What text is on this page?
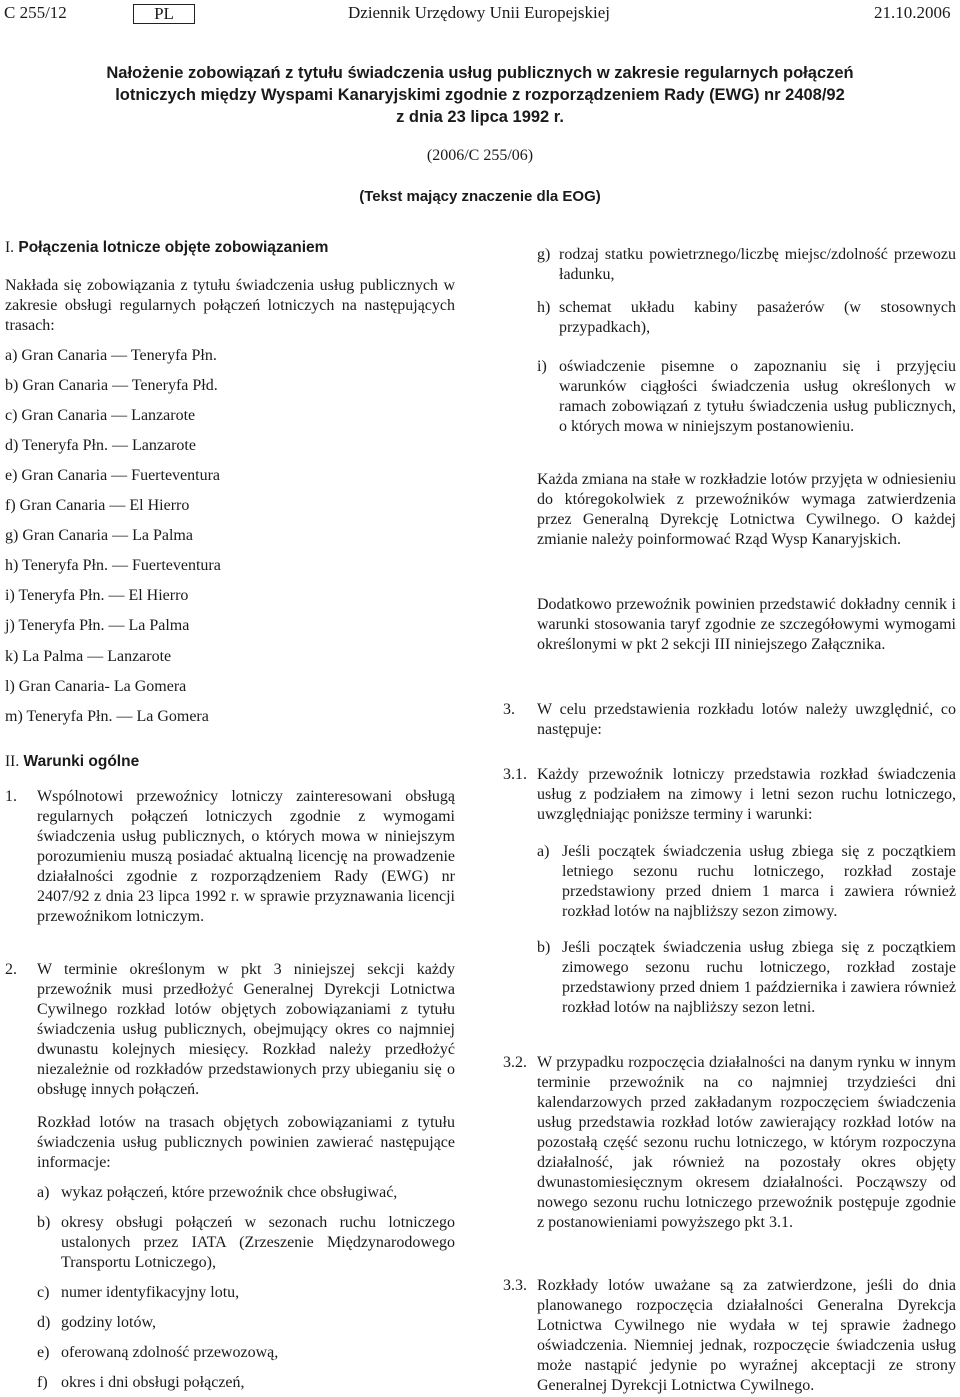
C 255/12	PL	Dziennik Urzędowy Unii Europejskiej	21.10.2006
Nałożenie zobowiązań z tytułu świadczenia usług publicznych w zakresie regularnych połączeń
lotniczych między Wyspami Kanaryjskimi zgodnie z rozporządzeniem Rady (EWG) nr 2408/92
z dnia 23 lipca 1992 r.
(2006/C 255/06)
(Tekst mający znaczenie dla EOG)
I. Połączenia lotnicze objęte zobowiązaniem
Nakłada się zobowiązania z tytułu świadczenia usług publicznych w zakresie obsługi regularnych połączeń lotniczych na następujących trasach:
a) Gran Canaria — Teneryfa Płn.
b) Gran Canaria — Teneryfa Płd.
c) Gran Canaria — Lanzarote
d) Teneryfa Płn. — Lanzarote
e) Gran Canaria — Fuerteventura
f) Gran Canaria — El Hierro
g) Gran Canaria — La Palma
h) Teneryfa Płn. — Fuerteventura
i) Teneryfa Płn. — El Hierro
j) Teneryfa Płn. — La Palma
k) La Palma — Lanzarote
l) Gran Canaria- La Gomera
m) Teneryfa Płn. — La Gomera
II. Warunki ogólne
1. Wspólnotowi przewoźnicy lotniczy zainteresowani obsługą regularnych połączeń lotniczych zgodnie z wymogami świadczenia usług publicznych, o których mowa w niniejszym porozumieniu muszą posiadać aktualną licencję na prowadzenie działalności zgodnie z rozporządzeniem Rady (EWG) nr 2407/92 z dnia 23 lipca 1992 r. w sprawie przyznawania licencji przewoźnikom lotniczym.
2. W terminie określonym w pkt 3 niniejszej sekcji każdy przewoźnik musi przedłożyć Generalnej Dyrekcji Lotnictwa Cywilnego rozkład lotów objętych zobowiązaniami z tytułu świadczenia usług publicznych, obejmujący okres co najmniej dwunastu kolejnych miesięcy. Rozkład należy przedłożyć niezależnie od rozkładów przedstawionych przy ubieganiu się o obsługę innych połączeń.
Rozkład lotów na trasach objętych zobowiązaniami z tytułu świadczenia usług publicznych powinien zawierać następujące informacje:
a) wykaz połączeń, które przewoźnik chce obsługiwać,
b) okresy obsługi połączeń w sezonach ruchu lotniczego ustalonych przez IATA (Zrzeszenie Międzynarodowego Transportu Lotniczego),
c) numer identyfikacyjny lotu,
d) godziny lotów,
e) oferowaną zdolność przewozową,
f) okres i dni obsługi połączeń,
g) rodzaj statku powietrznego/liczbę miejsc/zdolność przewozu ładunku,
h) schemat układu kabiny pasażerów (w stosownych przypadkach),
i) oświadczenie pisemne o zapoznaniu się i przyjęciu warunków ciągłości świadczenia usług określonych w ramach zobowiązań z tytułu świadczenia usług publicznych, o których mowa w niniejszym postanowieniu.
Każda zmiana na stałe w rozkładzie lotów przyjęta w odniesieniu do któregokolwiek z przewoźników wymaga zatwierdzenia przez Generalną Dyrekcję Lotnictwa Cywilnego. O każdej zmianie należy poinformować Rząd Wysp Kanaryjskich.
Dodatkowo przewoźnik powinien przedstawić dokładny cennik i warunki stosowania taryf zgodnie ze szczegółowymi wymogami określonymi w pkt 2 sekcji III niniejszego Załącznika.
3. W celu przedstawienia rozkładu lotów należy uwzględnić, co następuje:
3.1. Każdy przewoźnik lotniczy przedstawia rozkład świadczenia usług z podziałem na zimowy i letni sezon ruchu lotniczego, uwzględniając poniższe terminy i warunki:
a) Jeśli początek świadczenia usług zbiega się z początkiem letniego sezonu ruchu lotniczego, rozkład zostaje przedstawiony przed dniem 1 marca i zawiera również rozkład lotów na najbliższy sezon zimowy.
b) Jeśli początek świadczenia usług zbiega się z początkiem zimowego sezonu ruchu lotniczego, rozkład zostaje przedstawiony przed dniem 1 października i zawiera również rozkład lotów na najbliższy sezon letni.
3.2. W przypadku rozpoczęcia działalności na danym rynku w innym terminie przewoźnik na co najmniej trzydzieści dni kalendarzowych przed zakładanym rozpoczęciem świadczenia usług przedstawia rozkład lotów zawierający rozkład lotów na pozostałą część sezonu ruchu lotniczego, w którym rozpoczyna działalność, jak również na pozostały okres objęty dwunastomiesięcznym okresem działalności. Począwszy od nowego sezonu ruchu lotniczego przewoźnik postępuje zgodnie z postanowieniami powyższego pkt 3.1.
3.3. Rozkłady lotów uważane są za zatwierdzone, jeśli do dnia planowanego rozpoczęcia działalności Generalna Dyrekcja Lotnictwa Cywilnego nie wydała w tej sprawie żadnego oświadczenia. Niemniej jednak, rozpoczęcie świadczenia usług może nastąpić jedynie po wyraźnej akceptacji ze strony Generalnej Dyrekcji Lotnictwa Cywilnego.
